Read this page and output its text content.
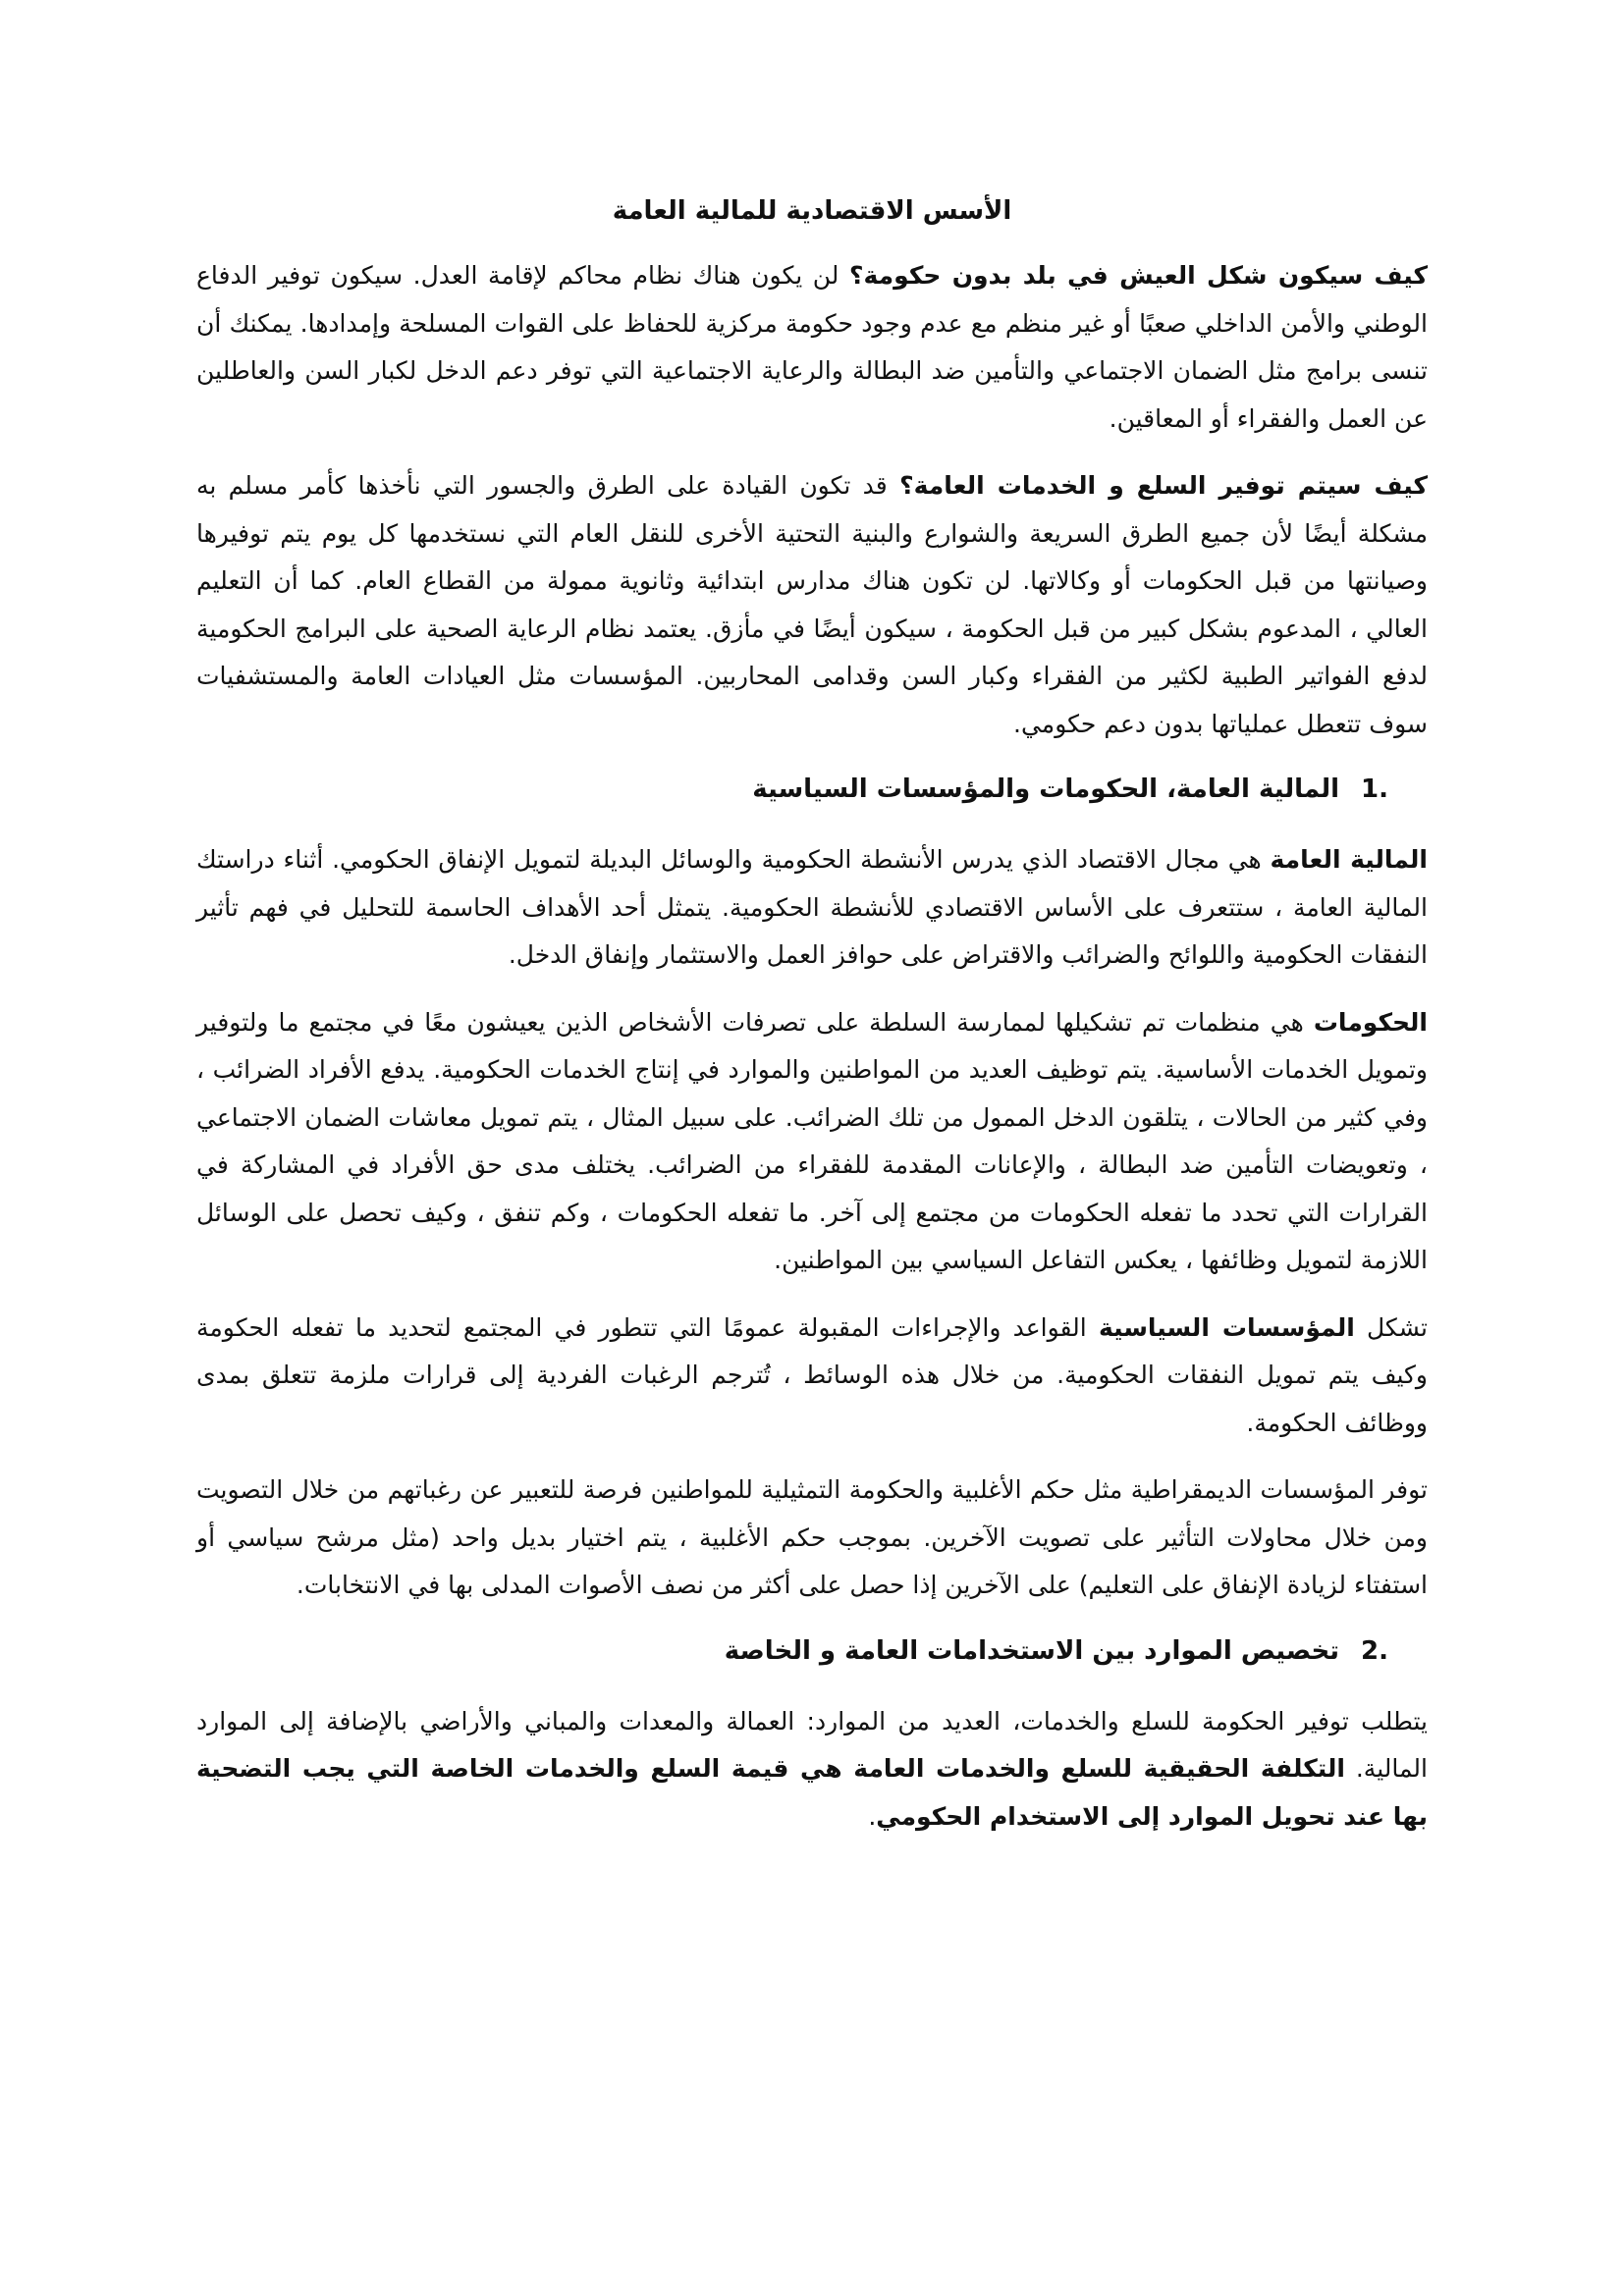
الأسس الاقتصادية للمالية العامة

كيف سيكون شكل العيش في بلد بدون حكومة؟ لن يكون هناك نظام محاكم لإقامة العدل. سيكون توفير الدفاع الوطني والأمن الداخلي صعبًا أو غير منظم مع عدم وجود حكومة مركزية للحفاظ على القوات المسلحة وإمدادها. يمكنك أن تنسى برامج مثل الضمان الاجتماعي والتأمين ضد البطالة والرعاية الاجتماعية التي توفر دعم الدخل لكبار السن والعاطلين عن العمل والفقراء أو المعاقين.

كيف سيتم توفير السلع و الخدمات العامة؟ قد تكون القيادة على الطرق والجسور التي نأخذها كأمر مسلم به مشكلة أيضًا لأن جميع الطرق السريعة والشوارع والبنية التحتية الأخرى للنقل العام التي نستخدمها كل يوم يتم توفيرها وصيانتها من قبل الحكومات أو وكالاتها. لن تكون هناك مدارس ابتدائية وثانوية ممولة من القطاع العام. كما أن التعليم العالي ، المدعوم بشكل كبير من قبل الحكومة ، سيكون أيضًا في مأزق. يعتمد نظام الرعاية الصحية على البرامج الحكومية لدفع الفواتير الطبية لكثير من الفقراء وكبار السن وقدامى المحاربين. المؤسسات مثل العيادات العامة والمستشفيات سوف تتعطل عملياتها بدون دعم حكومي.

1.
المالية العامة، الحكومات والمؤسسات السياسية

المالية العامة هي مجال الاقتصاد الذي يدرس الأنشطة الحكومية والوسائل البديلة لتمويل الإنفاق الحكومي. أثناء دراستك المالية العامة ، ستتعرف على الأساس الاقتصادي للأنشطة الحكومية. يتمثل أحد الأهداف الحاسمة للتحليل في فهم تأثير النفقات الحكومية واللوائح والضرائب والاقتراض على حوافز العمل والاستثمار وإنفاق الدخل.

الحكومات هي منظمات تم تشكيلها لممارسة السلطة على تصرفات الأشخاص الذين يعيشون معًا في مجتمع ما ولتوفير وتمويل الخدمات الأساسية. يتم توظيف العديد من المواطنين والموارد في إنتاج الخدمات الحكومية. يدفع الأفراد الضرائب ، وفي كثير من الحالات ، يتلقون الدخل الممول من تلك الضرائب. على سبيل المثال ، يتم تمويل معاشات الضمان الاجتماعي ، وتعويضات التأمين ضد البطالة ، والإعانات المقدمة للفقراء من الضرائب. يختلف مدى حق الأفراد في المشاركة في القرارات التي تحدد ما تفعله الحكومات من مجتمع إلى آخر. ما تفعله الحكومات ، وكم تنفق ، وكيف تحصل على الوسائل اللازمة لتمويل وظائفها ، يعكس التفاعل السياسي بين المواطنين.

تشكل المؤسسات السياسية القواعد والإجراءات المقبولة عمومًا التي تتطور في المجتمع لتحديد ما تفعله الحكومة وكيف يتم تمويل النفقات الحكومية. من خلال هذه الوسائط ، تُترجم الرغبات الفردية إلى قرارات ملزمة تتعلق بمدى ووظائف الحكومة.

توفر المؤسسات الديمقراطية مثل حكم الأغلبية والحكومة التمثيلية للمواطنين فرصة للتعبير عن رغباتهم من خلال التصويت ومن خلال محاولات التأثير على تصويت الآخرين. بموجب حكم الأغلبية ، يتم اختيار بديل واحد (مثل مرشح سياسي أو استفتاء لزيادة الإنفاق على التعليم) على الآخرين إذا حصل على أكثر من نصف الأصوات المدلى بها في الانتخابات.

2.
تخصيص الموارد بين الاستخدامات العامة و الخاصة

يتطلب توفير الحكومة للسلع والخدمات، العديد من الموارد: العمالة والمعدات والمباني والأراضي بالإضافة إلى الموارد المالية. التكلفة الحقيقية للسلع والخدمات العامة هي قيمة السلع والخدمات الخاصة التي يجب التضحية بها عند تحويل الموارد إلى الاستخدام الحكومي.
